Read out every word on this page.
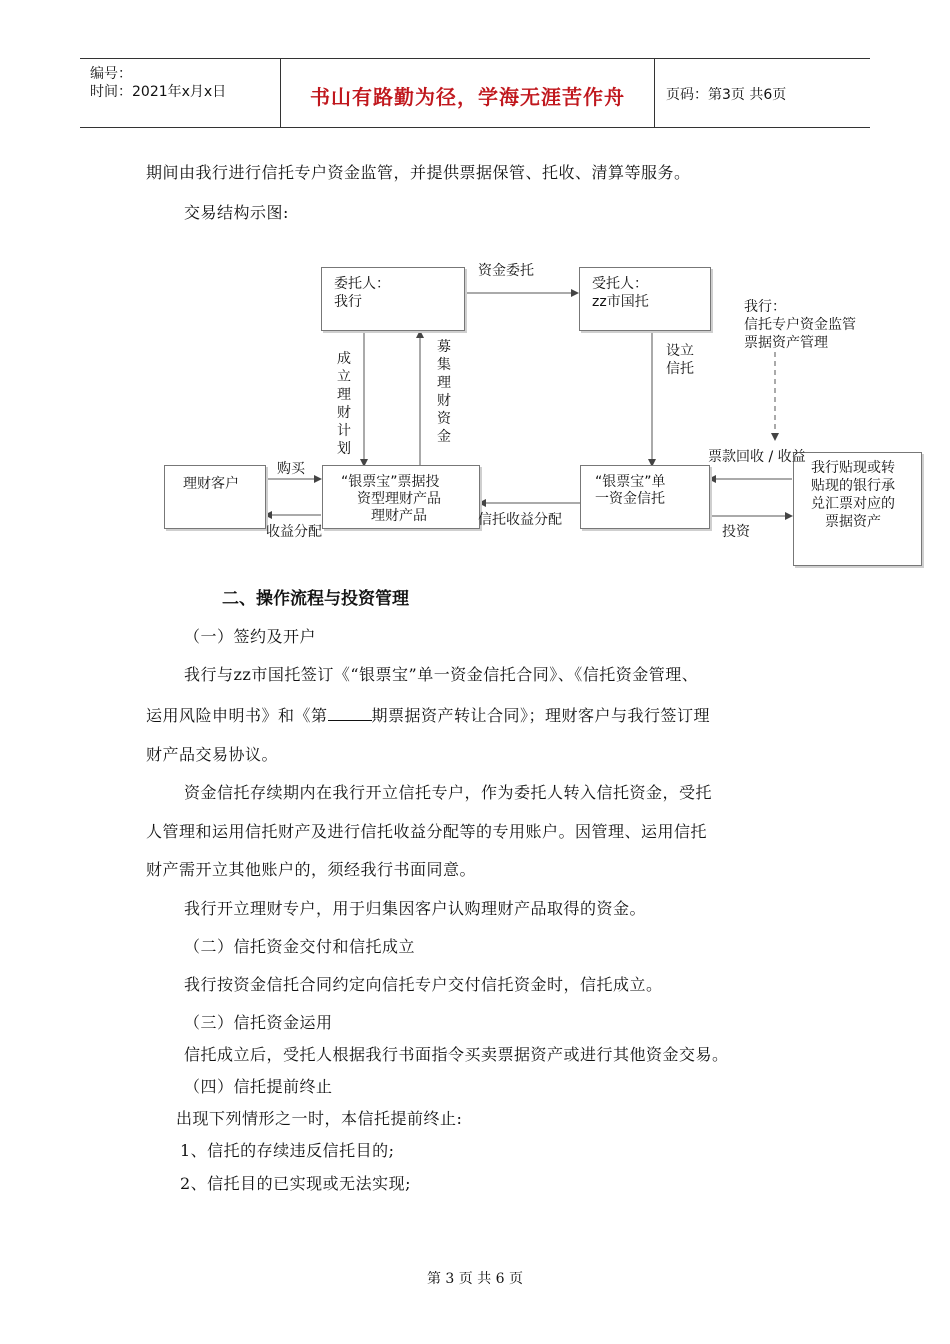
编号：
时间：2021年x月x日	书山有路勤为径，学海无涯苦作舟	页码：第3页 共6页
期间由我行进行信托专户资金监管，并提供票据保管、托收、清算等服务。
交易结构示图:
委托人：
我行
受托人：
zz市国托	我行：
信托专户资金监管
票据资产管理
理财客户	“银票宝”票据投
资型理财产品
理财产品
“银票宝”单
一资金信托
我行贴现或转
贴现的银行承
兑汇票对应的
票据资产
资金委托
成立理财计划
募集理财资金
设立
信托
购买
收益分配
信托收益分配
票款回收 / 收益
投资
二、操作流程与投资管理
（一）签约及开户
我行与zz市国托签订《“银票宝”单一资金信托合同》、《信托资金管理、
运用风险申明书》和《第	期票据资产转让合同》；理财客户与我行签订理
财产品交易协议。
资金信托存续期内在我行开立信托专户，作为委托人转入信托资金，受托
人管理和运用信托财产及进行信托收益分配等的专用账户。因管理、运用信托
财产需开立其他账户的，须经我行书面同意。
我行开立理财专户，用于归集因客户认购理财产品取得的资金。
（二）信托资金交付和信托成立
我行按资金信托合同约定向信托专户交付信托资金时，信托成立。
（三）信托资金运用
信托成立后，受托人根据我行书面指令买卖票据资产或进行其他资金交易。
（四）信托提前终止
出现下列情形之一时，本信托提前终止:
1、信托的存续违反信托目的;
2、信托目的已实现或无法实现;
第 3 页 共 6 页
